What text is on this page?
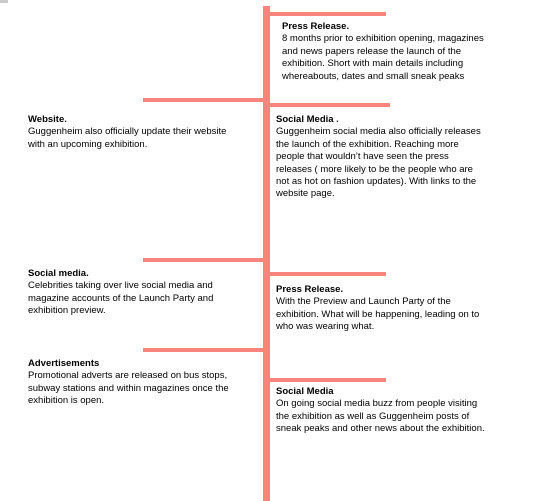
Press Release.
8 months prior to exhibition opening, magazines
and news papers release the launch of the
exhibition. Short with main details including
whereabouts, dates and small sneak peaks
Website.
Guggenheim also officially update their website
with an upcoming exhibition.
Social Media .
Guggenheim social media also officially releases
the launch of the exhibition. Reaching more
people that wouldn’t have seen the press
releases ( more likely to be the people who are
not as hot on fashion updates). With links to the
website page.
Social media.
Celebrities taking over live social media and
magazine accounts of the Launch Party and
exhibition preview.
Press Release.
With the Preview and Launch Party of the
exhibition. What will be happening, leading on to
who was wearing what.
Advertisements
Promotional adverts are released on bus stops,
subway stations and within magazines once the
exhibition is open.
Social Media
On going social media buzz from people visiting
the exhibition as well as Guggenheim posts of
sneak peaks and other news about the exhibition.
